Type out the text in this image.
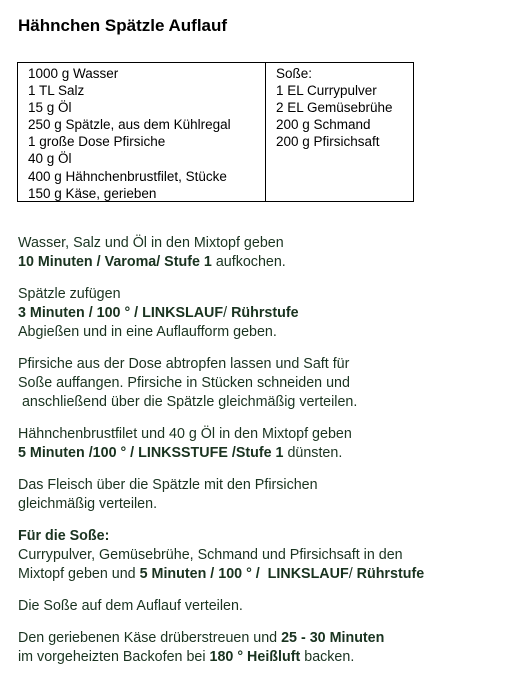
Hähnchen Spätzle Auflauf
1000 g Wasser
1 TL Salz
15 g Öl
250 g Spätzle, aus dem Kühlregal
1 große Dose Pfirsiche
40 g Öl
400 g Hähnchenbrustfilet, Stücke
150 g Käse, gerieben
Soße:
1 EL Currypulver
2 EL Gemüsebrühe
200 g Schmand
200 g Pfirsichsaft

Wasser, Salz und Öl in den Mixtopf geben
10 Minuten / Varoma/ Stufe 1 aufkochen.

Spätzle zufügen
3 Minuten / 100 ° / LINKSLAUF/ Rührstufe
Abgießen und in eine Auflaufform geben.

Pfirsiche aus der Dose abtropfen lassen und Saft für
Soße auffangen. Pfirsiche in Stücken schneiden und
anschließend über die Spätzle gleichmäßig verteilen.

Hähnchenbrustfilet und 40 g Öl in den Mixtopf geben
5 Minuten /100 ° / LINKSSTUFE /Stufe 1 dünsten.

Das Fleisch über die Spätzle mit den Pfirsichen
gleichmäßig verteilen.

Für die Soße:
Currypulver, Gemüsebrühe, Schmand und Pfirsichsaft in den
Mixtopf geben und 5 Minuten / 100 ° /  LINKSLAUF/ Rührstufe

Die Soße auf dem Auflauf verteilen.

Den geriebenen Käse drüberstreuen und 25 - 30 Minuten
im vorgeheizten Backofen bei 180 ° Heißluft backen.
